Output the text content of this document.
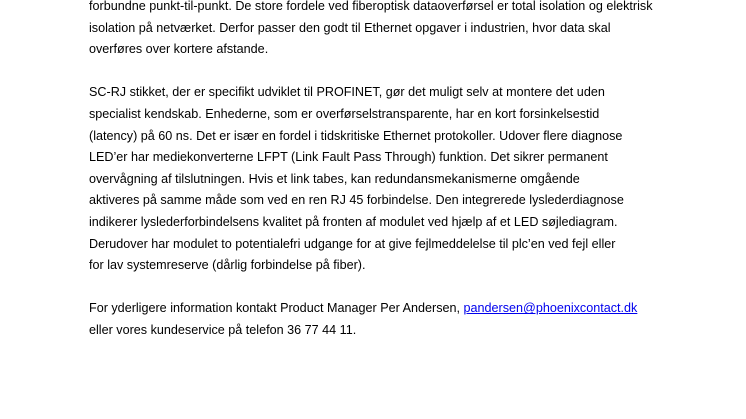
forbundne punkt-til-punkt. De store fordele ved fiberoptisk dataoverførsel er total isolation og elektrisk

isolation på netværket. Derfor passer den godt til Ethernet opgaver i industrien, hvor data skal

overføres over kortere afstande.

SC-RJ stikket, der er specifikt udviklet til PROFINET, gør det muligt selv at montere det uden

specialist kendskab. Enhederne, som er overførselstransparente, har en kort forsinkelsestid

(latency) på 60 ns. Det er især en fordel i tidskritiske Ethernet protokoller. Udover flere diagnose

LED’er har mediekonverterne LFPT (Link Fault Pass Through) funktion. Det sikrer permanent

overvågning af tilslutningen. Hvis et link tabes, kan redundansmekanismerne omgående

aktiveres på samme måde som ved en ren RJ 45 forbindelse. Den integrerede lyslederdiagnose

indikerer lyslederforbindelsens kvalitet på fronten af modulet ved hjælp af et LED søjlediagram.

Derudover har modulet to potentialefri udgange for at give fejlmeddelelse til plc’en ved fejl eller

for lav systemreserve (dårlig forbindelse på fiber).

For yderligere information kontakt Product Manager Per Andersen, pandersen@phoenixcontact.dk

eller vores kundeservice på telefon 36 77 44 11.
